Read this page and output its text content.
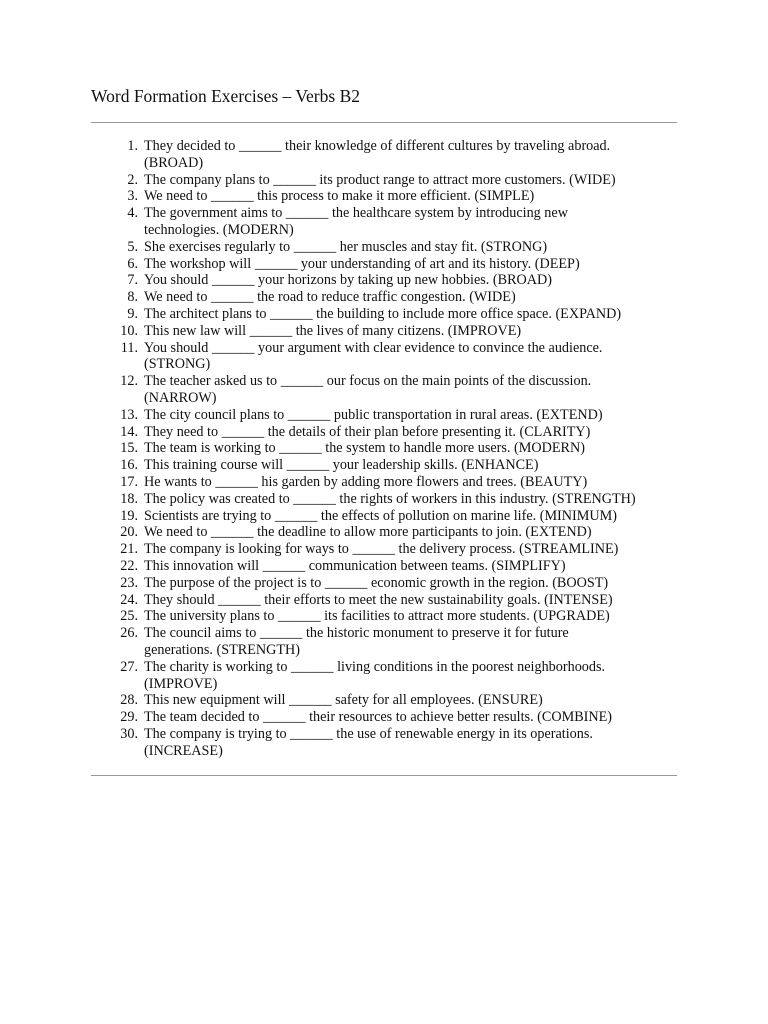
Word Formation Exercises – Verbs B2
1. They decided to ______ their knowledge of different cultures by traveling abroad.
(BROAD)
2. The company plans to ______ its product range to attract more customers. (WIDE)
3. We need to ______ this process to make it more efficient. (SIMPLE)
4. The government aims to ______ the healthcare system by introducing new
technologies. (MODERN)
5. She exercises regularly to ______ her muscles and stay fit. (STRONG)
6. The workshop will ______ your understanding of art and its history. (DEEP)
7. You should ______ your horizons by taking up new hobbies. (BROAD)
8. We need to ______ the road to reduce traffic congestion. (WIDE)
9. The architect plans to ______ the building to include more office space. (EXPAND)
10. This new law will ______ the lives of many citizens. (IMPROVE)
11. You should ______ your argument with clear evidence to convince the audience.
(STRONG)
12. The teacher asked us to ______ our focus on the main points of the discussion.
(NARROW)
13. The city council plans to ______ public transportation in rural areas. (EXTEND)
14. They need to ______ the details of their plan before presenting it. (CLARITY)
15. The team is working to ______ the system to handle more users. (MODERN)
16. This training course will ______ your leadership skills. (ENHANCE)
17. He wants to ______ his garden by adding more flowers and trees. (BEAUTY)
18. The policy was created to ______ the rights of workers in this industry. (STRENGTH)
19. Scientists are trying to ______ the effects of pollution on marine life. (MINIMUM)
20. We need to ______ the deadline to allow more participants to join. (EXTEND)
21. The company is looking for ways to ______ the delivery process. (STREAMLINE)
22. This innovation will ______ communication between teams. (SIMPLIFY)
23. The purpose of the project is to ______ economic growth in the region. (BOOST)
24. They should ______ their efforts to meet the new sustainability goals. (INTENSE)
25. The university plans to ______ its facilities to attract more students. (UPGRADE)
26. The council aims to ______ the historic monument to preserve it for future
generations. (STRENGTH)
27. The charity is working to ______ living conditions in the poorest neighborhoods.
(IMPROVE)
28. This new equipment will ______ safety for all employees. (ENSURE)
29. The team decided to ______ their resources to achieve better results. (COMBINE)
30. The company is trying to ______ the use of renewable energy in its operations.
(INCREASE)
